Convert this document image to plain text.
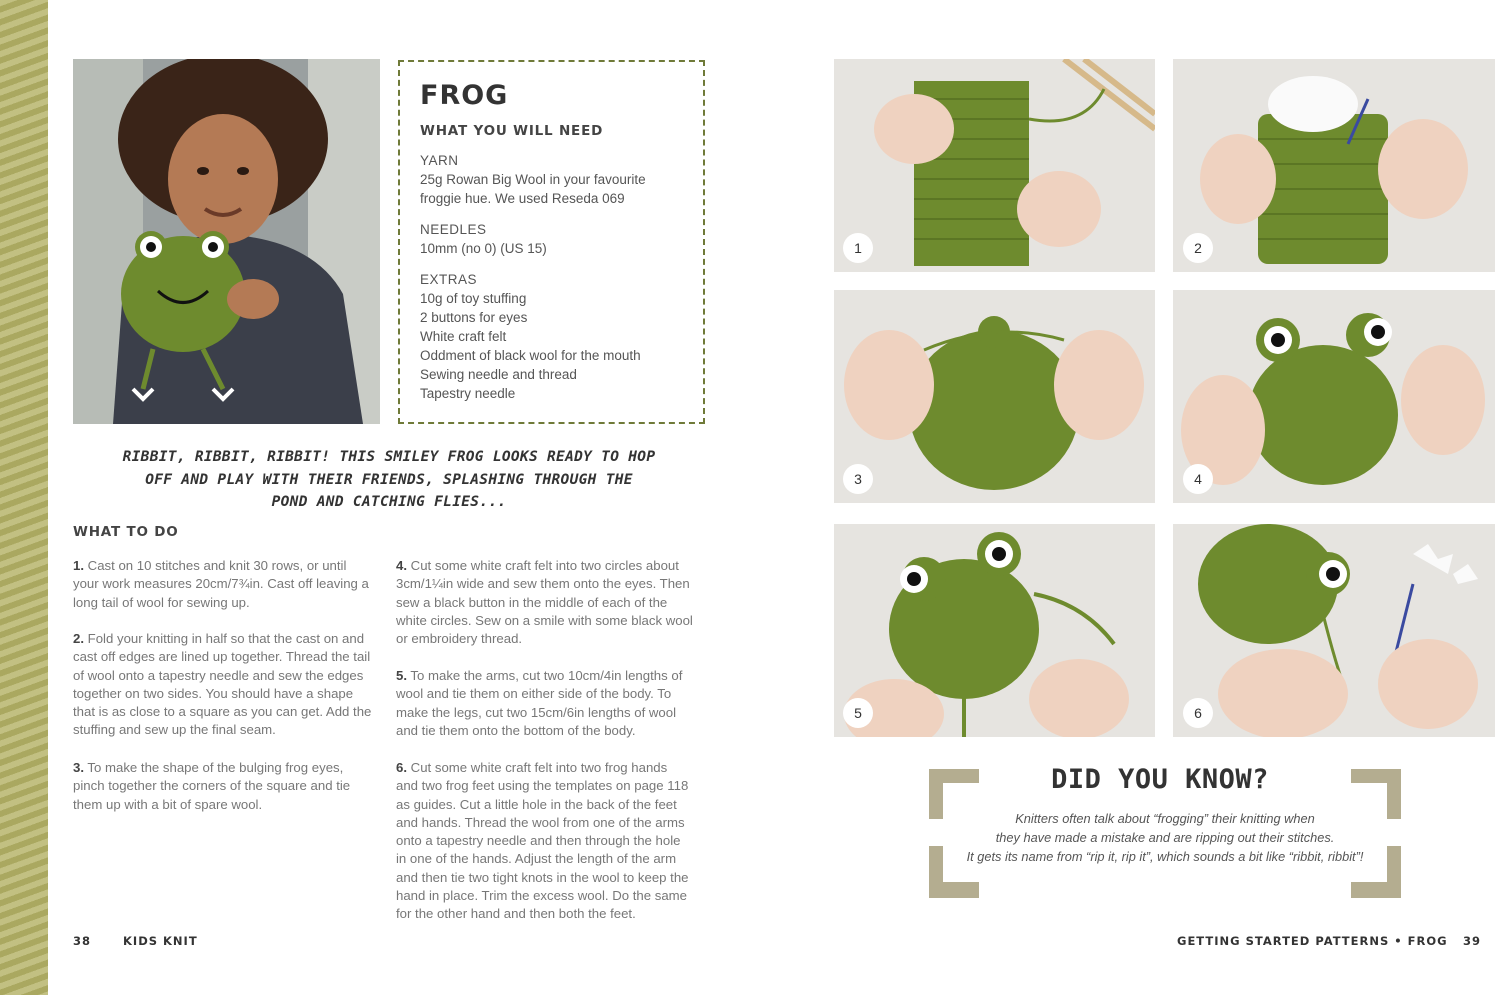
FROG
WHAT YOU WILL NEED
YARN
25g Rowan Big Wool in your favourite
froggie hue. We used Reseda 069
NEEDLES
10mm (no 0) (US 15)
EXTRAS
10g of toy stuffing
2 buttons for eyes
White craft felt
Oddment of black wool for the mouth
Sewing needle and thread
Tapestry needle
RIBBIT, RIBBIT, RIBBIT! THIS SMILEY FROG LOOKS READY TO HOP
OFF AND PLAY WITH THEIR FRIENDS, SPLASHING THROUGH THE
POND AND CATCHING FLIES...
WHAT TO DO
1. Cast on 10 stitches and knit 30 rows, or until
your work measures 20cm/7¾in. Cast off leaving a
long tail of wool for sewing up.
2. Fold your knitting in half so that the cast on and
cast off edges are lined up together. Thread the tail
of wool onto a tapestry needle and sew the edges
together on two sides. You should have a shape
that is as close to a square as you can get. Add the
stuffing and sew up the final seam.
3. To make the shape of the bulging frog eyes,
pinch together the corners of the square and tie
them up with a bit of spare wool.
4. Cut some white craft felt into two circles about
3cm/1¼in wide and sew them onto the eyes. Then
sew a black button in the middle of each of the
white circles. Sew on a smile with some black wool
or embroidery thread.
5. To make the arms, cut two 10cm/4in lengths of
wool and tie them on either side of the body. To
make the legs, cut two 15cm/6in lengths of wool
and tie them onto the bottom of the body.
6. Cut some white craft felt into two frog hands
and two frog feet using the templates on page 118
as guides. Cut a little hole in the back of the feet
and hands. Thread the wool from one of the arms
onto a tapestry needle and then through the hole
in one of the hands. Adjust the length of the arm
and then tie two tight knots in the wool to keep the
hand in place. Trim the excess wool. Do the same
for the other hand and then both the feet.
38	KIDS KNIT
1	2
3	4
5	6
DID YOU KNOW?
Knitters often talk about “frogging” their knitting when
they have made a mistake and are ripping out their stitches.
It gets its name from “rip it, rip it”, which sounds a bit like “ribbit, ribbit”!
GETTING STARTED PATTERNS • FROG 39
